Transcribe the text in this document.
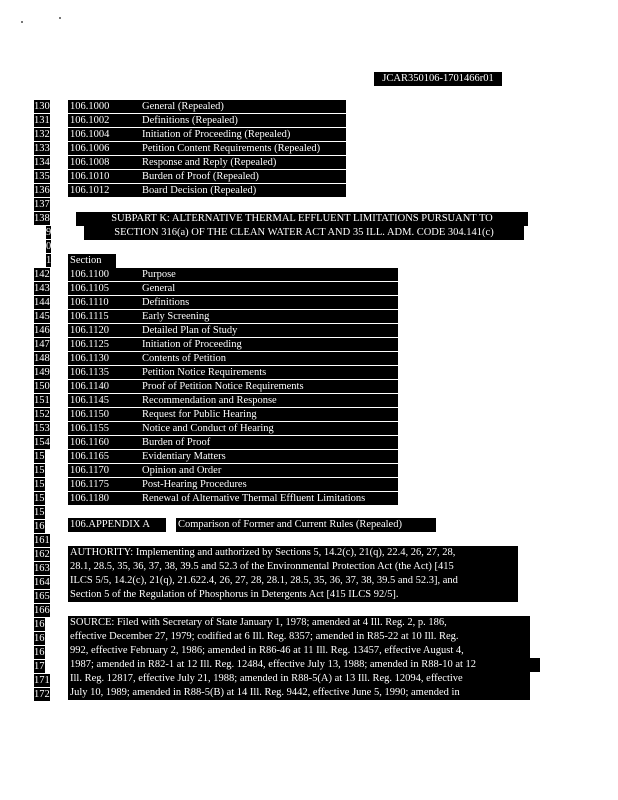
JCAR350106-1701466r01
130 106.1000	General (Repealed)
131 106.1002	Definitions (Repealed)
132 106.1004	Initiation of Proceeding (Repealed)
133 106.1006	Petition Content Requirements (Repealed)
134 106.1008	Response and Reply (Repealed)
135 106.1010	Burden of Proof (Repealed)
136 106.1012	Board Decision (Repealed)
137
138	SUBPART K: ALTERNATIVE THERMAL EFFLUENT LIMITATIONS PURSUANT TO
9	SECTION 316(a) OF THE CLEAN WATER ACT AND 35 ILL. ADM. CODE 304.141(c)
0
1 Section
142 106.1100	Purpose
143 106.1105	General
144 106.1110	Definitions
145 106.1115	Early Screening
146 106.1120	Detailed Plan of Study
147 106.1125	Initiation of Proceeding
148 106.1130	Contents of Petition
149 106.1135	Petition Notice Requirements
150 106.1140	Proof of Petition Notice Requirements
151 106.1145	Recommendation and Response
152 106.1150	Request for Public Hearing
153 106.1155	Notice and Conduct of Hearing
154 106.1160	Burden of Proof
15 106.1165	Evidentiary Matters
15 106.1170	Opinion and Order
15 106.1175	Post-Hearing Procedures
15 106.1180	Renewal of Alternative Thermal Effluent Limitations
15
16 106.APPENDIX A	Comparison of Former and Current Rules (Repealed)
161
162 AUTHORITY: Implementing and authorized by Sections 5, 14.2(c), 21(q), 22.4, 26, 27, 28,
163 28.1, 28.5, 35, 36, 37, 38, 39.5 and 52.3 of the Environmental Protection Act (the Act) [415
164 ILCS 5/5, 14.2(c), 21(q), 21.622.4, 26, 27, 28, 28.1, 28.5, 35, 36, 37, 38, 39.5 and 52.3], and
165 Section 5 of the Regulation of Phosphorus in Detergents Act [415 ILCS 92/5].
166
16 SOURCE: Filed with Secretary of State January 1, 1978; amended at 4 Ill. Reg. 2, p. 186,
16 effective December 27, 1979; codified at 6 Ill. Reg. 8357; amended in R85-22 at 10 Ill. Reg.
16 992, effective February 2, 1986; amended in R86-46 at 11 Ill. Reg. 13457, effective August 4,
17 1987; amended in R82-1 at 12 Ill. Reg. 12484, effective July 13, 1988; amended in R88-10 at 12
171 Ill. Reg. 12817, effective July 21, 1988; amended in R88-5(A) at 13 Ill. Reg. 12094, effective
172 July 10, 1989; amended in R88-5(B) at 14 Ill. Reg. 9442, effective June 5, 1990; amended in
